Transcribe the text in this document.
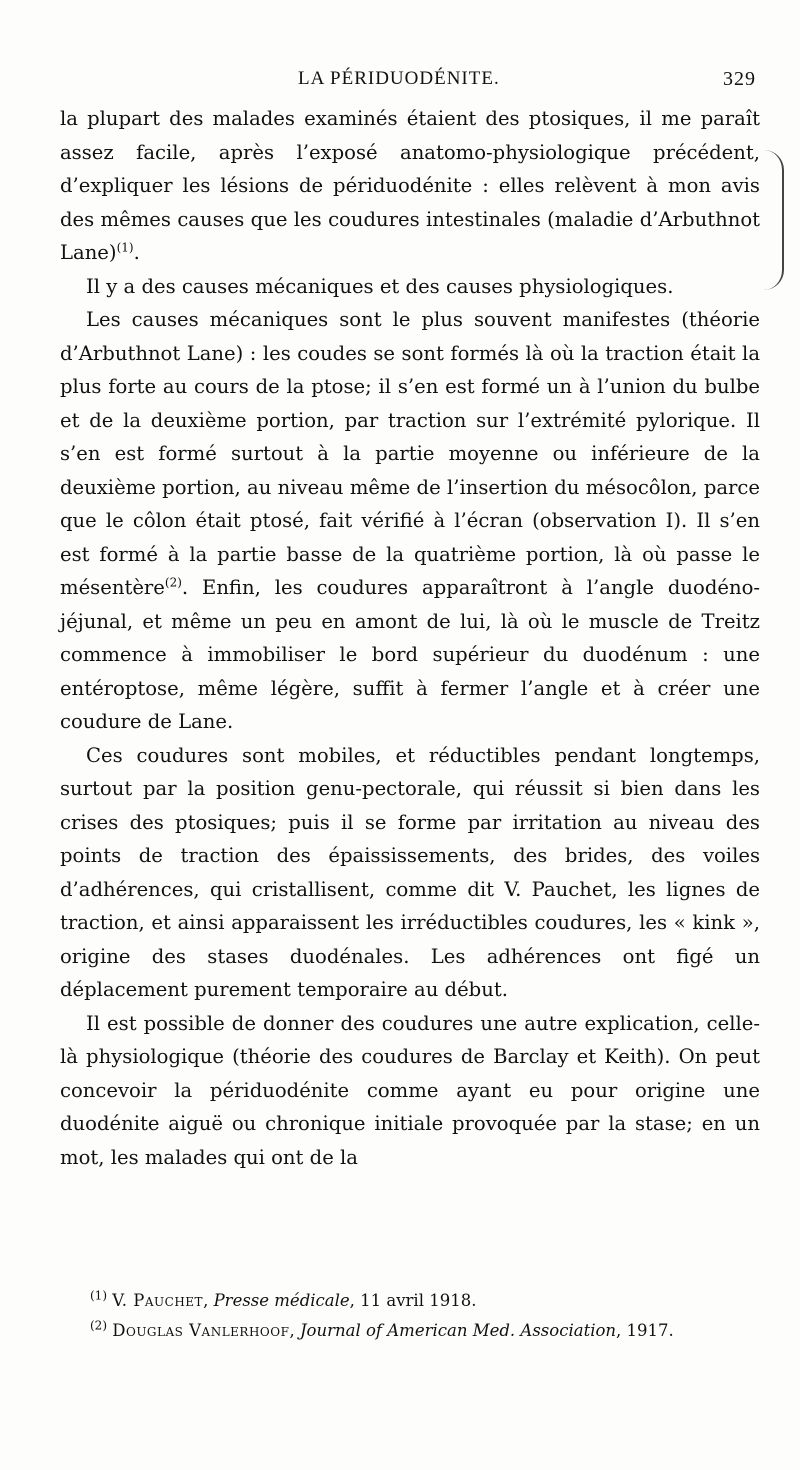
LA PÉRIDUODÉNITE.	329

la plupart des malades examinés étaient des ptosiques, il me paraît assez facile, après l’exposé anatomo-physiologique précédent, d’expliquer les lésions de périduodénite : elles relèvent à mon avis des mêmes causes que les coudures intestinales (maladie d’Arbuthnot Lane)$^{(1)}$.

Il y a des causes mécaniques et des causes physiologiques.

Les causes mécaniques sont le plus souvent manifestes (théorie d’Arbuthnot Lane) : les coudes se sont formés là où la traction était la plus forte au cours de la ptose; il s’en est formé un à l’union du bulbe et de la deuxième portion, par traction sur l’extrémité pylorique. Il s’en est formé surtout à la partie moyenne ou inférieure de la deuxième portion, au niveau même de l’insertion du mésocôlon, parce que le côlon était ptosé, fait vérifié à l’écran (observation I). Il s’en est formé à la partie basse de la quatrième portion, là où passe le mésentère$^{(2)}$. Enfin, les coudures apparaîtront à l’angle duodéno-jéjunal, et même un peu en amont de lui, là où le muscle de Treitz commence à immobiliser le bord supérieur du duodénum : une entéroptose, même légère, suffit à fermer l’angle et à créer une coudure de Lane.

Ces coudures sont mobiles, et réductibles pendant longtemps, surtout par la position genu-pectorale, qui réussit si bien dans les crises des ptosiques; puis il se forme par irritation au niveau des points de traction des épaississements, des brides, des voiles d’adhérences, qui cristallisent, comme dit V. Pauchet, les lignes de traction, et ainsi apparaissent les irréductibles coudures, les « kink », origine des stases duodénales. Les adhérences ont figé un déplacement purement temporaire au début.

Il est possible de donner des coudures une autre explication, celle-là physiologique (théorie des coudures de Barclay et Keith). On peut concevoir la périduodénite comme ayant eu pour origine une duodénite aiguë ou chronique initiale provoquée par la stase; en un mot, les malades qui ont de la

$^{(1)}$ V. Pauchet, Presse médicale, 11 avril 1918.
$^{(2)}$ Douglas Vanlerhoof, Journal of American Med. Association, 1917.
